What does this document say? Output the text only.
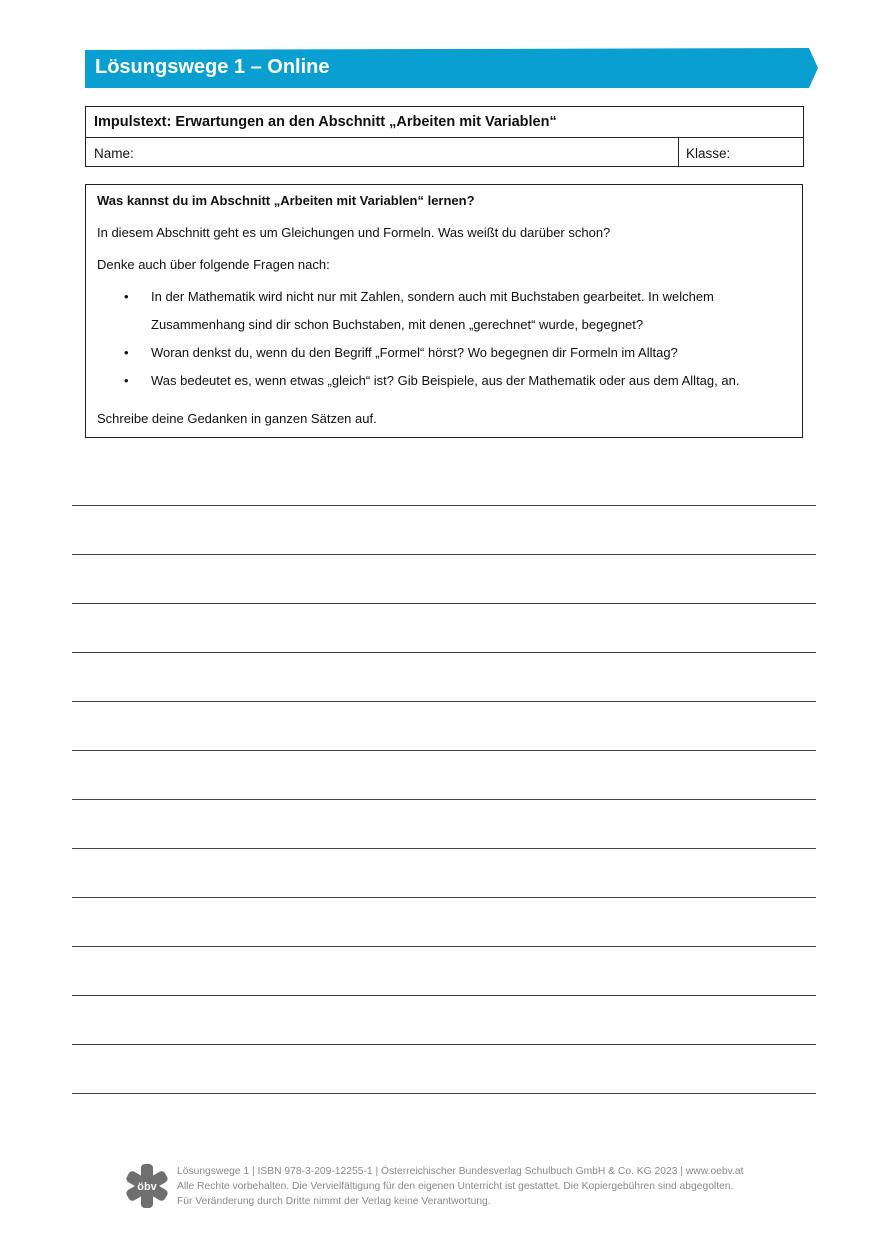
Lösungswege 1 – Online
Impulstext: Erwartungen an den Abschnitt „Arbeiten mit Variablen“
Name:	Klasse:
Was kannst du im Abschnitt „Arbeiten mit Variablen“ lernen?
In diesem Abschnitt geht es um Gleichungen und Formeln. Was weißt du darüber schon?
Denke auch über folgende Fragen nach:
• In der Mathematik wird nicht nur mit Zahlen, sondern auch mit Buchstaben gearbeitet. In welchem Zusammenhang sind dir schon Buchstaben, mit denen „gerechnet“ wurde, begegnet?
• Woran denkst du, wenn du den Begriff „Formel“ hörst? Wo begegnen dir Formeln im Alltag?
• Was bedeutet es, wenn etwas „gleich“ ist? Gib Beispiele, aus der Mathematik oder aus dem Alltag, an.
Schreibe deine Gedanken in ganzen Sätzen auf.
öbv
Lösungswege 1 | ISBN 978-3-209-12255-1 | Österreichischer Bundesverlag Schulbuch GmbH & Co. KG 2023 | www.oebv.at
Alle Rechte vorbehalten. Die Vervielfältigung für den eigenen Unterricht ist gestattet. Die Kopiergebühren sind abgegolten.
Für Veränderung durch Dritte nimmt der Verlag keine Verantwortung.
